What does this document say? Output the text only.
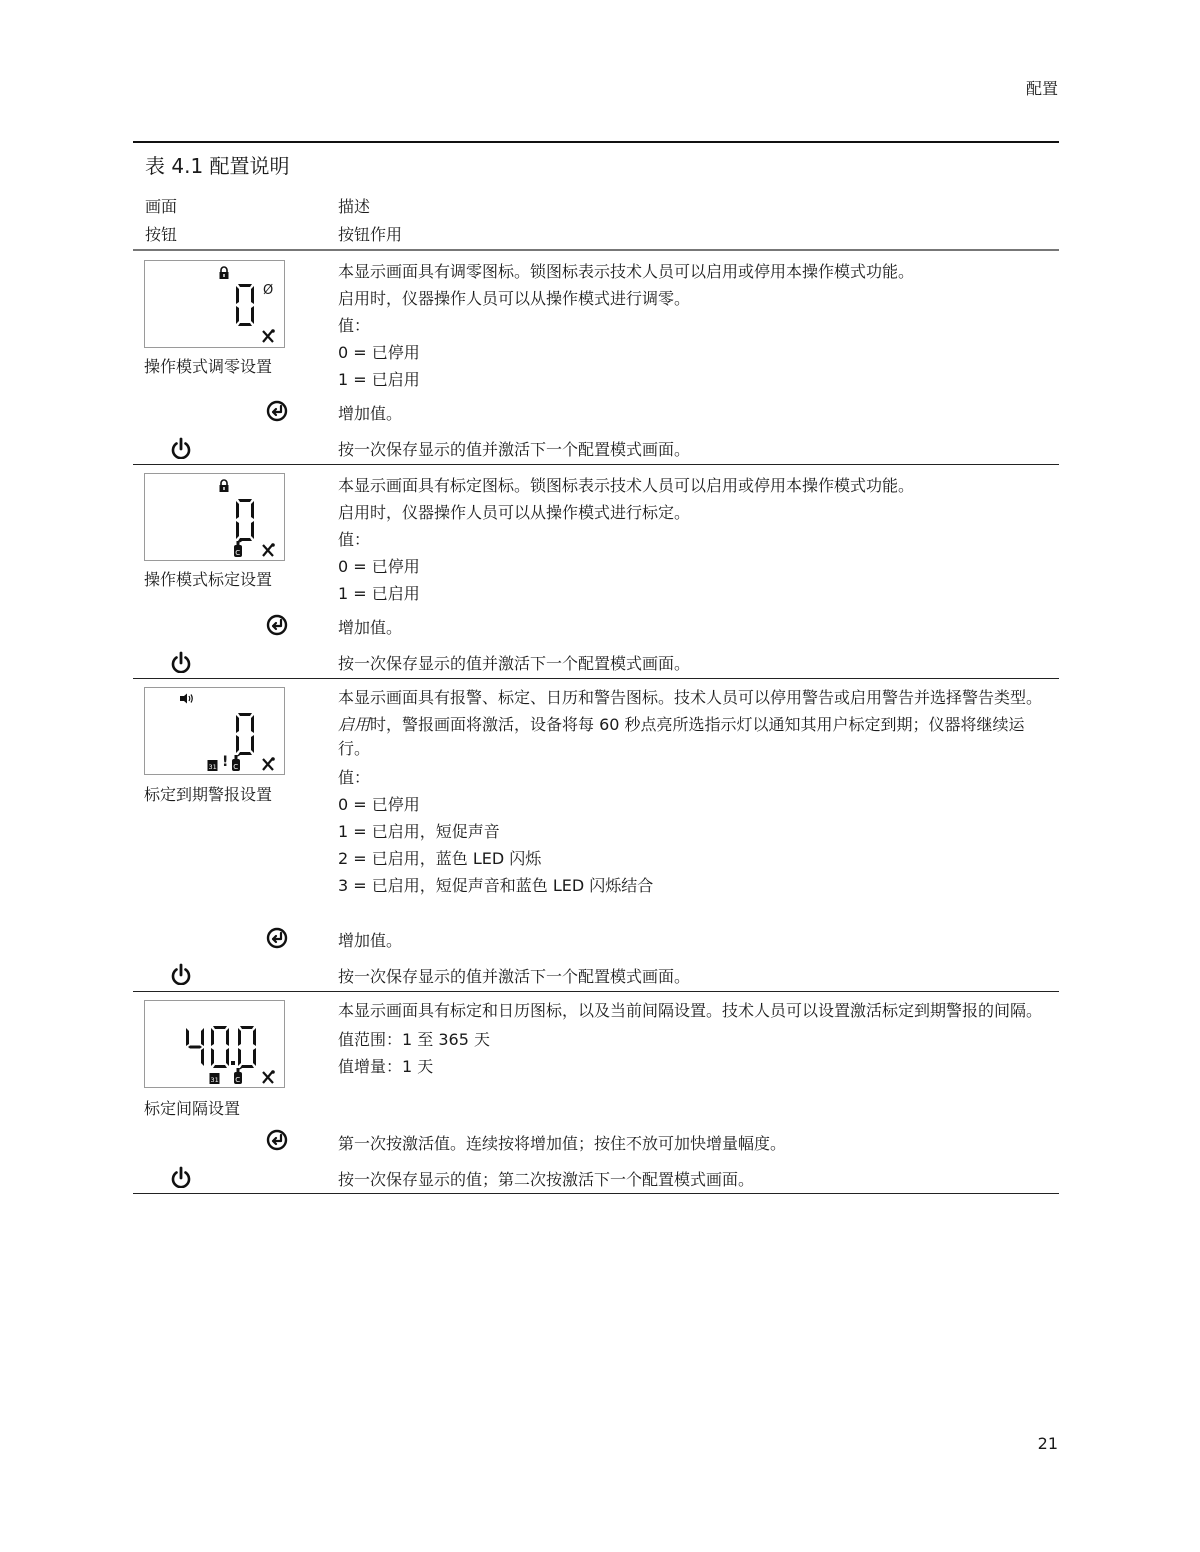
配置
表 4.1 配置说明
画面
按钮
描述
按钮作用
Ø
操作模式调零设置

本显示画面具有调零图标。锁图标表示技术人员可以启用或停用本操作模式功能。

启用时，仪器操作人员可以从操作模式进行调零。

值：

0 = 已停用

1 = 已启用

增加值。
按一次保存显示的值并激活下一个配置模式画面。
操作模式标定设置

本显示画面具有标定图标。锁图标表示技术人员可以启用或停用本操作模式功能。

启用时，仪器操作人员可以从操作模式进行标定。

值：

0 = 已停用

1 = 已启用

增加值。
按一次保存显示的值并激活下一个配置模式画面。
!
标定到期警报设置

本显示画面具有报警、标定、日历和警告图标。技术人员可以停用警告或启用警告并选择警告类型。

启用时，警报画面将激活，设备将每 60 秒点亮所选指示灯以通知其用户标定到期；仪器将继续运行。

值：

0 = 已停用

1 = 已启用，短促声音

2 = 已启用，蓝色 LED 闪烁

3 = 已启用，短促声音和蓝色 LED 闪烁结合

增加值。
按一次保存显示的值并激活下一个配置模式画面。
标定间隔设置

本显示画面具有标定和日历图标，以及当前间隔设置。技术人员可以设置激活标定到期警报的间隔。

值范围：1 至 365 天

值增量：1 天

第一次按激活值。连续按将增加值；按住不放可加快增量幅度。
按一次保存显示的值；第二次按激活下一个配置模式画面。
21
